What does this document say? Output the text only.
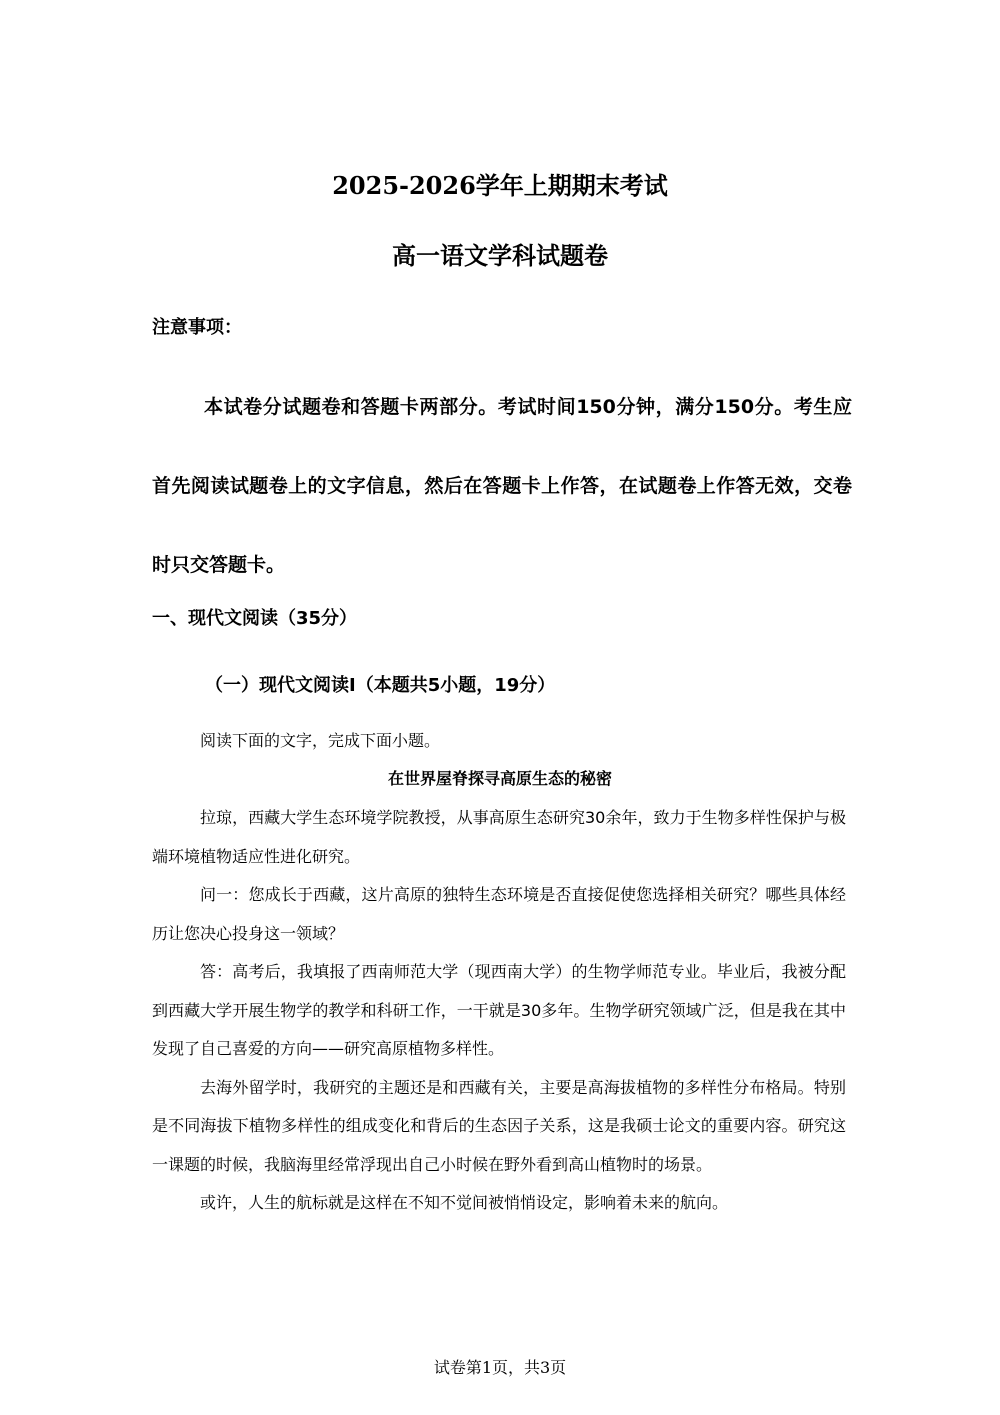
2025-2026学年上期期末考试
高一语文学科试题卷
注意事项：
本试卷分试题卷和答题卡两部分。考试时间150分钟，满分150分。考生应首先阅读试题卷上的文字信息，然后在答题卡上作答，在试题卷上作答无效，交卷时只交答题卡。
一、现代文阅读（35分）
（一）现代文阅读Ⅰ（本题共5小题，19分）
阅读下面的文字，完成下面小题。
在世界屋脊探寻高原生态的秘密

拉琼，西藏大学生态环境学院教授，从事高原生态研究30余年，致力于生物多样性保护与极端环境植物适应性进化研究。

问一：您成长于西藏，这片高原的独特生态环境是否直接促使您选择相关研究？哪些具体经历让您决心投身这一领域？

答：高考后，我填报了西南师范大学（现西南大学）的生物学师范专业。毕业后，我被分配到西藏大学开展生物学的教学和科研工作，一干就是30多年。生物学研究领域广泛，但是我在其中发现了自己喜爱的方向——研究高原植物多样性。

去海外留学时，我研究的主题还是和西藏有关，主要是高海拔植物的多样性分布格局。特别是不同海拔下植物多样性的组成变化和背后的生态因子关系，这是我硕士论文的重要内容。研究这一课题的时候，我脑海里经常浮现出自己小时候在野外看到高山植物时的场景。

或许，人生的航标就是这样在不知不觉间被悄悄设定，影响着未来的航向。

试卷第1页，共3页
